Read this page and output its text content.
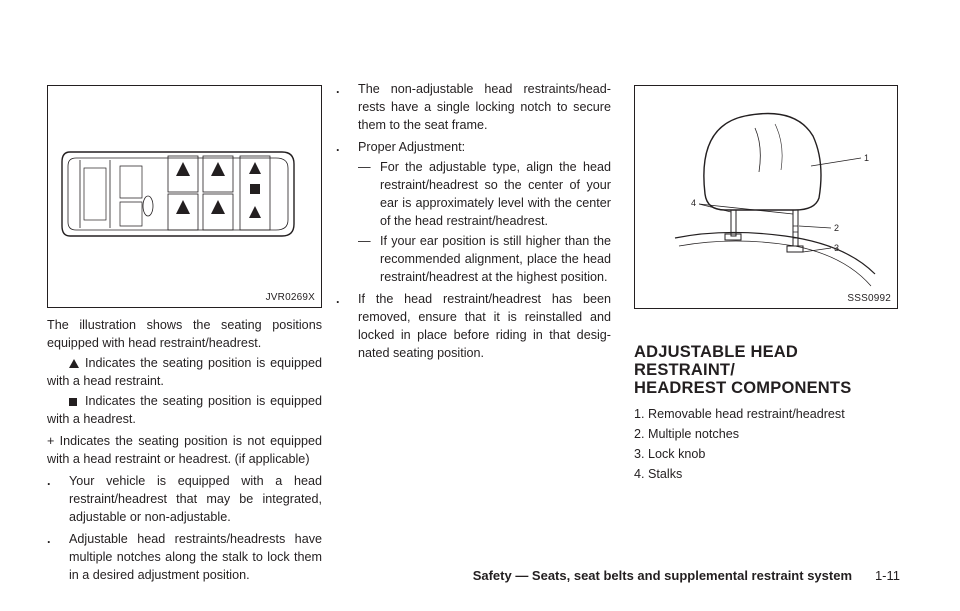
JVR0269X

The illustration shows the seating positions equipped with head restraint/headrest.

Indicates the seating position is equipped with a head restraint.

Indicates the seating position is equipped with a headrest.

+ Indicates the seating position is not equipped with a head restraint or headrest. (if applicable)

. Your vehicle is equipped with a head restraint/headrest that may be integrated, adjustable or non-adjustable.
. Adjustable head restraints/headrests have multiple notches along the stalk to lock them in a desired adjustment position.
. The non-adjustable head restraints/head-rests have a single locking notch to secure them to the seat frame.
. Proper Adjustment:
— For the adjustable type, align the head restraint/headrest so the center of your ear is approximately level with the center of the head restraint/headrest.
— If your ear position is still higher than the recommended alignment, place the head restraint/headrest at the highest position.
. If the head restraint/headrest has been removed, ensure that it is reinstalled and locked in place before riding in that desig-nated seating position.
1
2
3
4
SSS0992
ADJUSTABLE HEAD RESTRAINT/
HEADREST COMPONENTS
1. Removable head restraint/headrest
2. Multiple notches
3. Lock knob
4. Stalks
Safety — Seats, seat belts and supplemental restraint system 1-11
